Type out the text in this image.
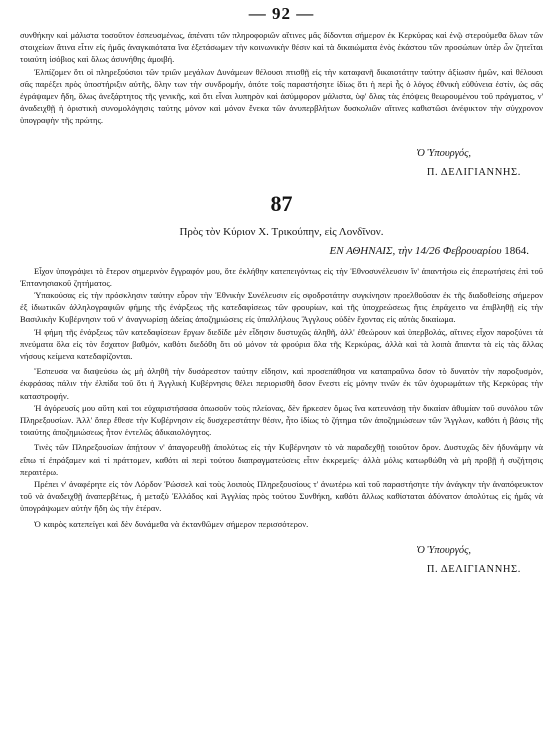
— 92 —

συνθήκην καὶ μάλιστα τοσοῦτον ἐσπευσμένως, ἀπένατι τῶν πληροφοριῶν αἵτινες μᾶς δίδονται σήμερον ἐκ Κερκύρας καὶ ἐνῷ στερούμεθα ὅλων τῶν στοιχείων ἅτινα εἶτιν εἰς ἡμᾶς ἀναγκαιότατα ἵνα ἐξετάσωμεν τὴν κοινωνικὴν θέσιν καὶ τὰ δικαιώματα ἑνὸς ἑκάστου τῶν προσώπων ὑπὲρ ὧν ζητεῖται τοιαύτη ἰσόβιος καὶ ὅλως ἀσυνήθης ἀμοιβή.

Ἐλπίζομεν ὅτι οἱ πληρεξούσιοι τῶν τριῶν μεγάλων Δυνάμεων θέλουσι πτισθῇ εἰς τὴν καταφανῆ δικαιοτάτην ταύτην ἀξίωσιν ἡμῶν, καὶ θέλουσι σᾶς παρέξει πρὸς ὑποστήριξιν αὐτῆς, ὅλην των τὴν συνδρομήν, ὁπότε τοῖς παραστήσητε ἰδίως ὅτι ἡ περὶ ἧς ὁ λόγος ἐθνικὴ εὐθύνεια ἐστίν, ὡς σᾶς ἐγράψαμεν ἤδη, ὅλως ἀνεξάρτητος τῆς γενικῆς, καὶ ὅτι εἶναι λυπηρὸν καὶ ἀσύμφορον μάλιστα, ὑφ' ὅλας τὰς ἐπόψεις θεωρουμένου τοῦ πράγματος, ν' ἀναδειχθῇ ἡ ὁριστικὴ συνομολόγησις ταύτης μόνον καὶ μόνον ἕνεκα τῶν ἀνυπερβλήτων δυσκολιῶν αἵτινες καθιστῶσι ἀνέφικτον τὴν σύγχρονον ὑπογραφὴν τῆς πρώτης.

Ὁ Ὑπουργός,
Π. ΔΕΛΙΓΙΑΝΝΗΣ.
87
Πρὸς τὸν Κύριον Χ. Τρικούπην, εἰς Λονδῖνον.
ΕΝ ΑΘΗΝΑΙΣ, τὴν 14/26 Φεβρουαρίου 1864.

Εἶχον ὑπογράψει τὸ ἕτερον σημερινὸν ἔγγραφόν μου, ὅτε ἐκλήθην κατεπειγόντως εἰς τὴν Ἐθνοσυνέλευσιν ἵν' ἀπαντήσω εἰς ἐπερωτήσεις ἐπὶ τοῦ Ἑπτανησιακοῦ ζητήματος.

Ὑπακούσας εἰς τὴν πρόσκλησιν ταύτην εὗρον τὴν Ἐθνικὴν Συνέλευσιν εἰς σφοδροτάτην συγκίνησιν προελθοῦσαν ἐκ τῆς διαδοθείσης σήμερον ἐξ ἰδιωτικῶν ἀλληλογραφιῶν φήμης τῆς ἐνάρξεως τῆς κατεδαφίσεως τῶν φρουρίων, καὶ τῆς ὑποχρεώσεως ἣτις ἐπράχειτο να ἐπιβληθῇ εἰς τὴν Βασιλικὴν Κυβέρνησιν τοῦ ν' ἀναγνωρίσῃ ἀδείας ἀποζημιώσεις εἰς ὑπαλλήλους Ἄγγλους οὐδὲν ἔχοντας εἰς αὐτὰς δικαίωμα.

Ἡ φήμη τῆς ἐνάρξεως τῶν κατεδαφίσεων ἔργων διεδίδε μὲν εἶδησιν δυστυχῶς ἀληθῆ, ἀλλ' ἐθεώρουν καὶ ὑπερβολάς, αἵτινες εἶχον παροξύνει τὰ πνεύματα ὅλα εἰς τὸν ἔσχατον βαθμόν, καθότι διεδόθη ὅτι οὐ μόνον τὰ φρούρια ὅλα τῆς Κερκύρας, ἀλλὰ καὶ τὰ λοιπὰ ἅπαντα τὰ εἰς τὰς ἄλλας νήσους κείμενα κατεδαφίζονται.

Ἔσπευσα να διαψεύσω ὡς μὴ ἀληθῆ τὴν δυσάρεστον ταύτην εἴδησιν, καὶ προσεπάθησα να καταπραΰνω ὅσον τὸ δυνατὸν τὴν παροξυσμὸν, ἐκφράσας πάλιν τὴν ἐλπίδα τοῦ ὅτι ἡ Ἀγγλικὴ Κυβέρνησις θέλει περιορισθῆ ὅσον ἔνεστι εἰς μόνην τινῶν ἐκ τῶν ὀχυρωμάτων τῆς Κερκύρας τὴν καταστροφήν.

Ἡ ἀγόρευσίς μου αὕτη καὶ τοι εὐχαριστήσασα ὁπωσοῦν τοὺς πλείονας, δὲν ἤρκεσεν ὅμως ἵνα κατευνάσῃ τὴν δικαίαν ἀθυμίαν τοῦ συνόλου τῶν Πληρεξουσίων. Ἀλλ' ὅπερ ἔθεσε τὴν Κυβέρνησιν εἰς δυσχερεστάτην θέσιν, ἦτο ἰδίως τὸ ζήτημα τῶν ἀποζημιώσεων τῶν Ἄγγλων, καθότι ἡ βάσις τῆς τοιαύτης ἀποζημιώσεως ἦτον ἐντελῶς ἀδικαιολόγητος.

Τινὲς τῶν Πληρεξουσίων ἀπῄτουν ν' ἀπαγορευθῇ ἀπολύτως εἰς τὴν Κυβέρνησιν τὸ νὰ παραδεχθῇ τοιοῦτον ὅρον. Δυστυχῶς δὲν ἠδυνάμην νὰ εἴπω τί ἐπράξαμεν καὶ τί πράττομεν, καθότι αἱ περὶ τούτου διαπραγματεύσεις εἶτιν ἐκκρεμεῖς· ἀλλὰ μόλις κατωρθώθη νὰ μὴ προβῇ ἡ συζήτησις περαιτέρω.

Πρέπει ν' ἀναφέρητε εἰς τὸν Λόρδον Ῥώσσελ καὶ τοὺς λοιποὺς Πληρεξουσίους τ' ἀνωτέρω καὶ τοῦ παραστήσητε τὴν ἀνάγκην τὴν ἀναπόφευκτον τοῦ νὰ ἀναδειχθῇ ἀναπερβέτως, ἡ μεταξὺ Ἑλλάδος καὶ Ἀγγλίας πρὸς τούτου Συνθήκη, καθότι ἄλλως καθίσταται ἀδύνατον ἀπολύτως εἰς ἡμᾶς νὰ ὑπογράψωμεν αὐτὴν ἤδη ὡς τὴν ἑτέραν.

Ὁ καιρὸς κατεπείγει καὶ δὲν δυνάμεθα νὰ ἐκτανθῶμεν σήμερον περισσότερον.

Ὁ Ὑπουργός,
Π. ΔΕΛΙΓΙΑΝΝΗΣ.
